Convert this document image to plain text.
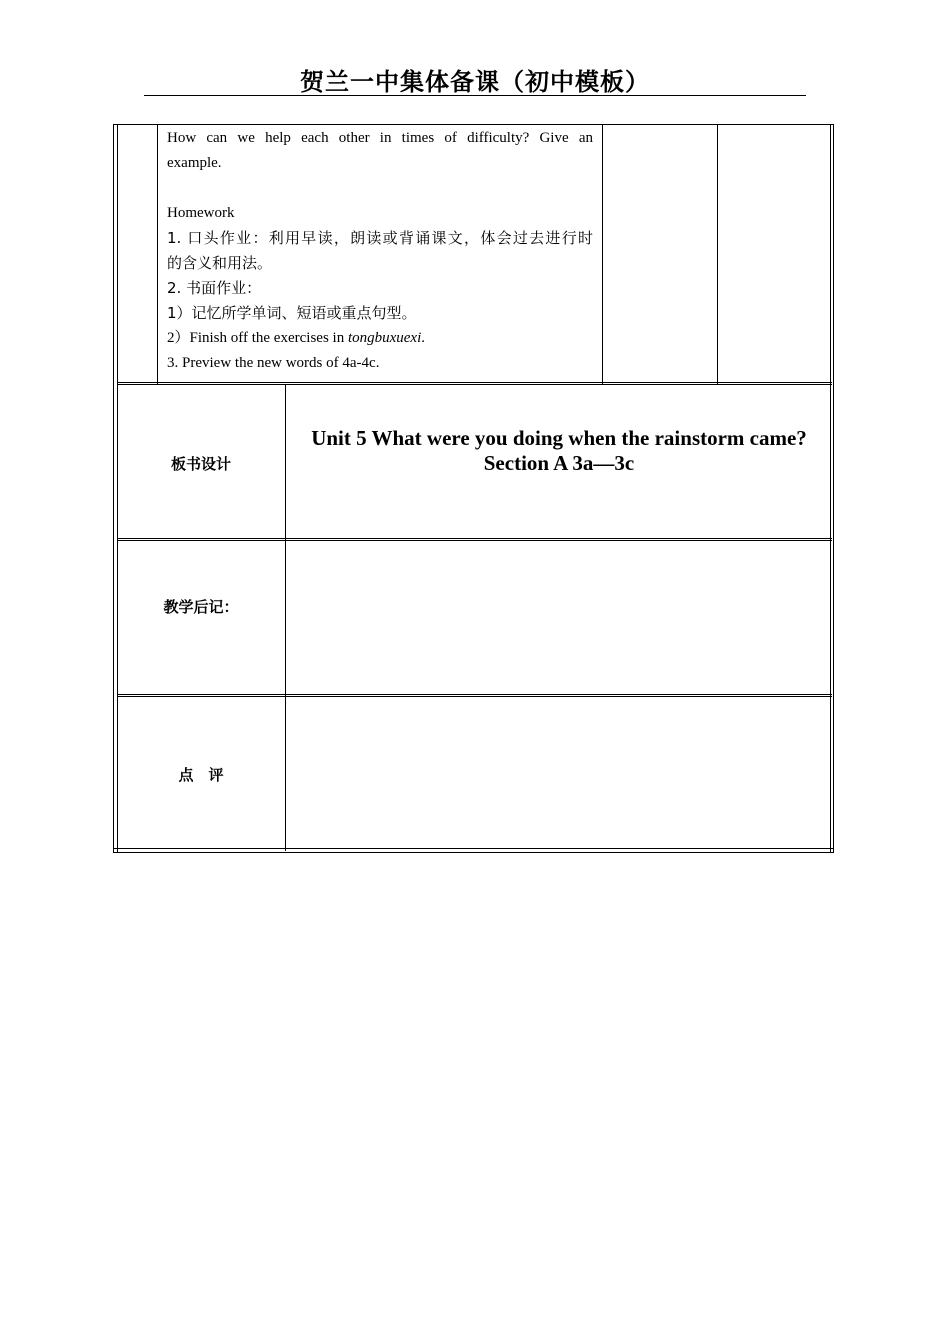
贺兰一中集体备课（初中模板）

How can we help each other in times of difficulty? Give an

example.

Homework

1. 口头作业：利用早读，朗读或背诵课文，体会过去进行时

的含义和用法。

2. 书面作业：

1）记忆所学单词、短语或重点句型。

2）Finish off the exercises in tongbuxuexi.

3. Preview the new words of 4a-4c.

板书设计
Unit 5 What were you doing when the rainstorm came?
Section A 3a—3c
教学后记：
点　评
